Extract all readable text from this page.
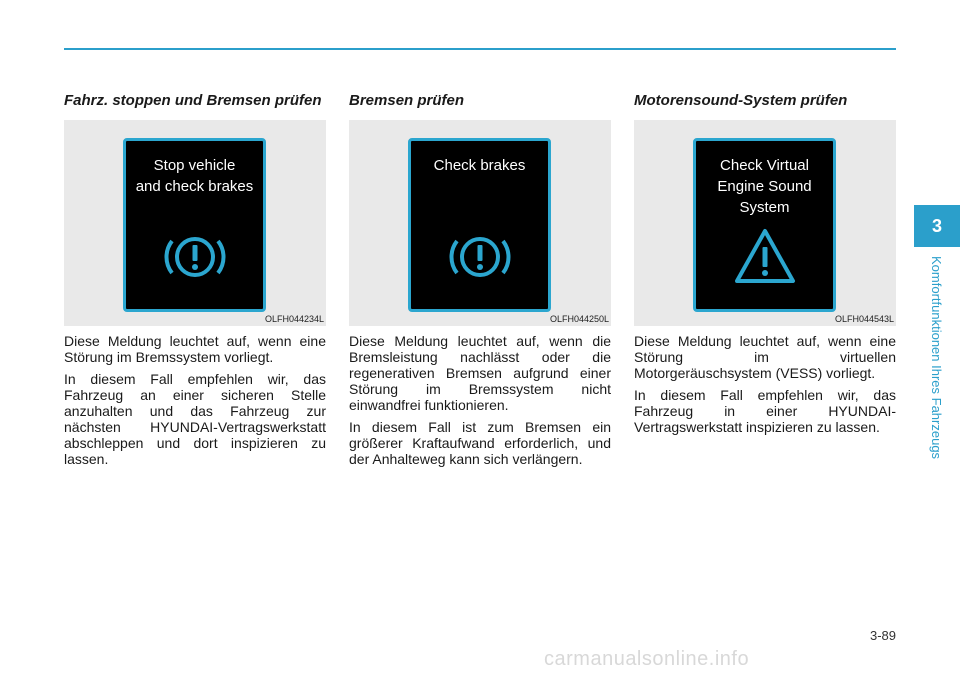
Fahrz. stoppen und Bremsen prüfen
Stop vehicle
and check brakes
OLFH044234L

Diese Meldung leuchtet auf, wenn eine Störung im Bremssystem vorliegt.

In diesem Fall empfehlen wir, das Fahrzeug an einer sicheren Stelle anzuhalten und das Fahrzeug zur nächsten HYUNDAI-Vertragswerkstatt abschleppen und dort inspizieren zu lassen.

Bremsen prüfen
Check brakes
OLFH044250L

Diese Meldung leuchtet auf, wenn die Bremsleistung nachlässt oder die regenerativen Bremsen aufgrund einer Störung im Bremssystem nicht einwandfrei funktionieren.

In diesem Fall ist zum Bremsen ein größerer Kraftaufwand erforderlich, und der Anhalteweg kann sich verlängern.

Motorensound-System prüfen
Check Virtual
Engine Sound
System
OLFH044543L

Diese Meldung leuchtet auf, wenn eine Störung im virtuellen Motorgeräuschsystem (VESS) vorliegt.

In diesem Fall empfehlen wir, das Fahrzeug in einer HYUNDAI-Vertragswerkstatt inspizieren zu lassen.

3
Komfortfunktionen Ihres Fahrzeugs
3-89
carmanualsonline.info
